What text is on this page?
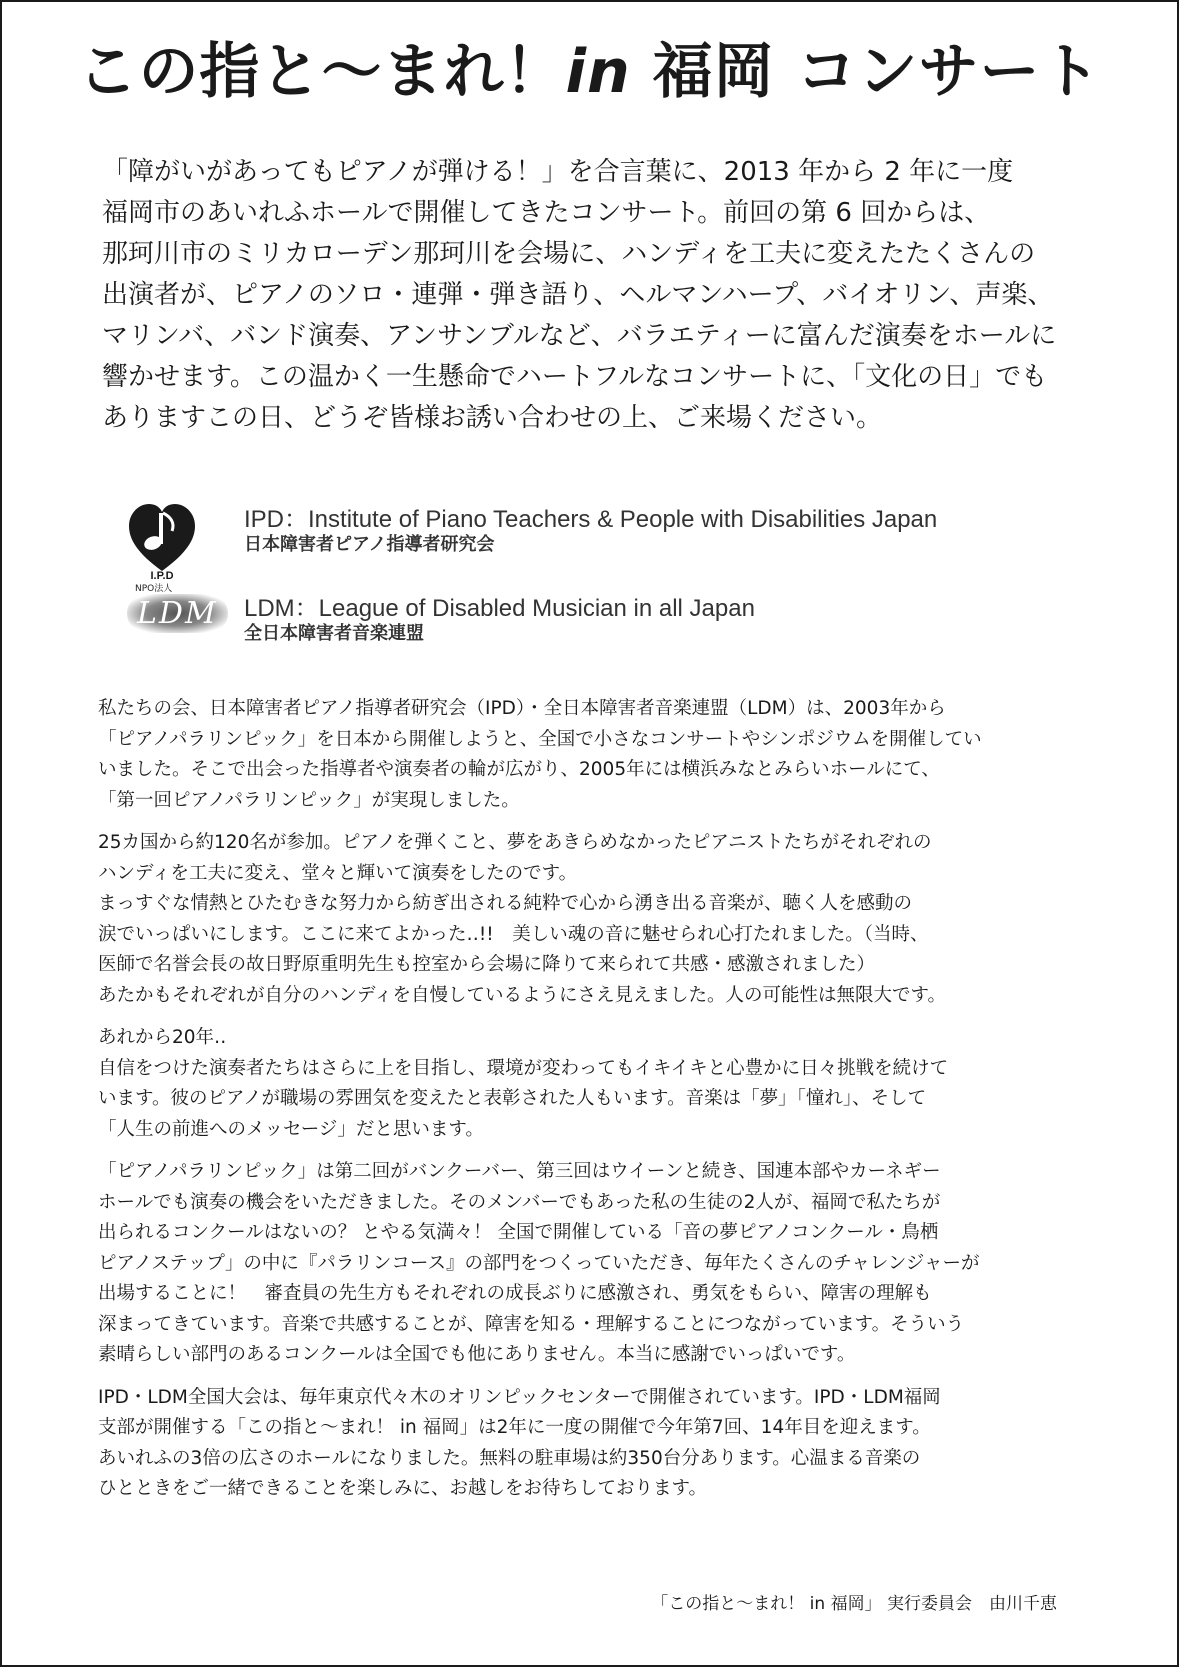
この指と〜まれ！in 福岡 コンサート

「障がいがあってもピアノが弾ける！」を合言葉に、2013 年から 2 年に一度

福岡市のあいれふホールで開催してきたコンサート。前回の第 6 回からは、

那珂川市のミリカローデン那珂川を会場に、ハンディを工夫に変えたたくさんの

出演者が、ピアノのソロ・連弾・弾き語り、ヘルマンハープ、バイオリン、声楽、

マリンバ、バンド演奏、アンサンブルなど、バラエティーに富んだ演奏をホールに

響かせます。この温かく一生懸命でハートフルなコンサートに、「文化の日」でも

ありますこの日、どうぞ皆様お誘い合わせの上、ご来場ください。

I.P.D
NPO法人
IPD：Institute of Piano Teachers & People with Disabilities Japan
日本障害者ピアノ指導者研究会
LDM	LDM：League of Disabled Musician in all Japan
全日本障害者音楽連盟
私たちの会、日本障害者ピアノ指導者研究会（IPD）・全日本障害者音楽連盟（LDM）は、2003年から
「ピアノパラリンピック」を日本から開催しようと、全国で小さなコンサートやシンポジウムを開催してい
いました。そこで出会った指導者や演奏者の輪が広がり、2005年には横浜みなとみらいホールにて、
「第一回ピアノパラリンピック」が実現しました。
25カ国から約120名が参加。ピアノを弾くこと、夢をあきらめなかったピアニストたちがそれぞれの
ハンディを工夫に変え、堂々と輝いて演奏をしたのです。
まっすぐな情熱とひたむきな努力から紡ぎ出される純粋で心から湧き出る音楽が、聴く人を感動の
涙でいっぱいにします。ここに来てよかった‥!!　美しい魂の音に魅せられ心打たれました。（当時、
医師で名誉会長の故日野原重明先生も控室から会場に降りて来られて共感・感激されました）
あたかもそれぞれが自分のハンディを自慢しているようにさえ見えました。人の可能性は無限大です。
あれから20年‥
自信をつけた演奏者たちはさらに上を目指し、環境が変わってもイキイキと心豊かに日々挑戦を続けて
います。彼のピアノが職場の雰囲気を変えたと表彰された人もいます。音楽は「夢」「憧れ」、そして
「人生の前進へのメッセージ」だと思います。
「ピアノパラリンピック」は第二回がバンクーバー、第三回はウイーンと続き、国連本部やカーネギー
ホールでも演奏の機会をいただきました。そのメンバーでもあった私の生徒の2人が、福岡で私たちが
出られるコンクールはないの？ とやる気満々！ 全国で開催している「音の夢ピアノコンクール・鳥栖
ピアノステップ」の中に『パラリンコース』の部門をつくっていただき、毎年たくさんのチャレンジャーが
出場することに！　審査員の先生方もそれぞれの成長ぶりに感激され、勇気をもらい、障害の理解も
深まってきています。音楽で共感することが、障害を知る・理解することにつながっています。そういう
素晴らしい部門のあるコンクールは全国でも他にありません。本当に感謝でいっぱいです。
IPD・LDM全国大会は、毎年東京代々木のオリンピックセンターで開催されています。IPD・LDM福岡
支部が開催する「この指と〜まれ！ in 福岡」は2年に一度の開催で今年第7回、14年目を迎えます。
あいれふの3倍の広さのホールになりました。無料の駐車場は約350台分あります。心温まる音楽の
ひとときをご一緒できることを楽しみに、お越しをお待ちしております。
「この指と〜まれ！ in 福岡」 実行委員会　由川千恵
